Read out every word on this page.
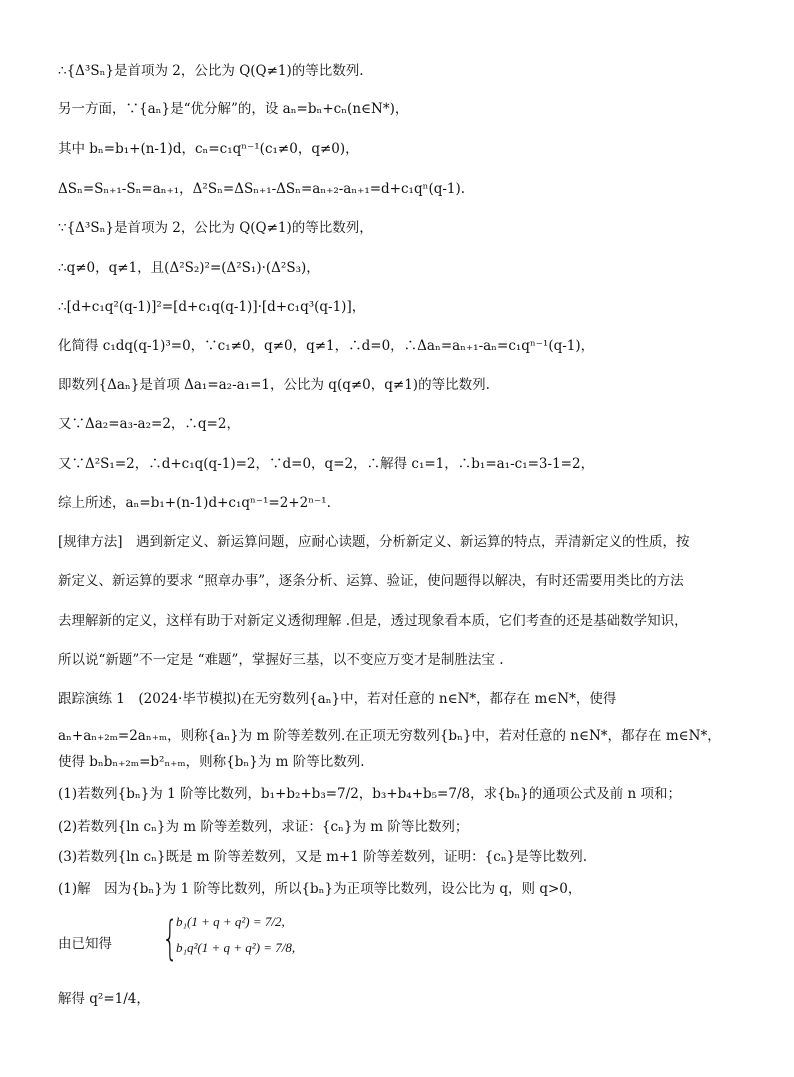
∴{Δ³Sₙ}是首项为 2，公比为 Q(Q≠1)的等比数列.
另一方面，∵{aₙ}是“优分解”的，设 aₙ=bₙ+cₙ(n∈N*)，
其中 bₙ=b₁+(n-1)d，cₙ=c₁qⁿ⁻¹(c₁≠0，q≠0)，
ΔSₙ=Sₙ₊₁-Sₙ=aₙ₊₁，Δ²Sₙ=ΔSₙ₊₁-ΔSₙ=aₙ₊₂-aₙ₊₁=d+c₁qⁿ(q-1).
∵{Δ³Sₙ}是首项为 2，公比为 Q(Q≠1)的等比数列，
∴q≠0，q≠1，且(Δ²S₂)²=(Δ²S₁)·(Δ²S₃)，
∴[d+c₁q²(q-1)]²=[d+c₁q(q-1)]·[d+c₁q³(q-1)]，
化简得 c₁dq(q-1)³=0，∵c₁≠0，q≠0，q≠1，∴d=0，∴Δaₙ=aₙ₊₁-aₙ=c₁qⁿ⁻¹(q-1)，
即数列{Δaₙ}是首项 Δa₁=a₂-a₁=1，公比为 q(q≠0，q≠1)的等比数列.
又∵Δa₂=a₃-a₂=2，∴q=2，
又∵Δ²S₁=2，∴d+c₁q(q-1)=2，∵d=0，q=2，∴解得 c₁=1，∴b₁=a₁-c₁=3-1=2，
综上所述，aₙ=b₁+(n-1)d+c₁qⁿ⁻¹=2+2ⁿ⁻¹.
[规律方法]　遇到新定义、新运算问题，应耐心读题，分析新定义、新运算的特点，弄清新定义的性质，按
新定义、新运算的要求 “照章办事”，逐条分析、运算、验证，使问题得以解决，有时还需要用类比的方法
去理解新的定义，这样有助于对新定义透彻理解 .但是，透过现象看本质，它们考查的还是基础数学知识，
所以说“新题”不一定是 “难题”，掌握好三基，以不变应万变才是制胜法宝 .
跟踪演练 1　(2024·毕节模拟)在无穷数列{aₙ}中，若对任意的 n∈N*，都存在 m∈N*，使得
aₙ+aₙ₊₂ₘ=2aₙ₊ₘ，则称{aₙ}为 m 阶等差数列.在正项无穷数列{bₙ}中，若对任意的 n∈N*，都存在 m∈N*，
使得 bₙbₙ₊₂ₘ=b²ₙ₊ₘ，则称{bₙ}为 m 阶等比数列.
(1)若数列{bₙ}为 1 阶等比数列，b₁+b₂+b₃=7/2，b₃+b₄+b₅=7/8，求{bₙ}的通项公式及前 n 项和；
(2)若数列{ln cₙ}为 m 阶等差数列，求证：{cₙ}为 m 阶等比数列；
(3)若数列{ln cₙ}既是 m 阶等差数列，又是 m+1 阶等差数列，证明：{cₙ}是等比数列.
(1)解　因为{bₙ}为 1 阶等比数列，所以{bₙ}为正项等比数列，设公比为 q，则 q>0，
由已知得 {
b₁(1 + q + q²) = 7/2,
b₁q²(1 + q + q²) = 7/8,
解得 q²=1/4，
